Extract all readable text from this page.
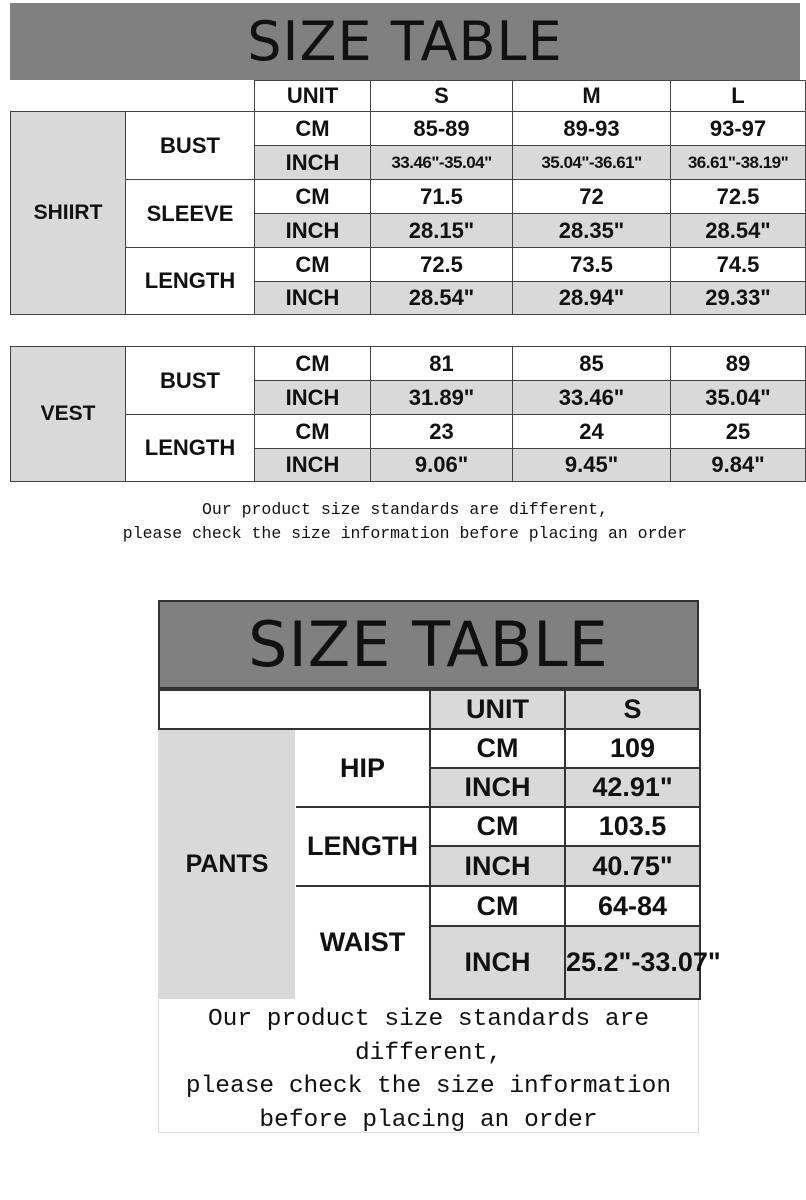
SIZE TABLE
		UNIT	S	M	L
SHIIRT	BUST	CM	85-89	89-93	93-97
		INCH	33.46"-35.04"	35.04"-36.61"	36.61"-38.19"
	SLEEVE	CM	71.5	72	72.5
		INCH	28.15"	28.35"	28.54"
	LENGTH	CM	72.5	73.5	74.5
		INCH	28.54"	28.94"	29.33"
VEST	BUST	CM	81	85	89
		INCH	31.89"	33.46"	35.04"
	LENGTH	CM	23	24	25
		INCH	9.06"	9.45"	9.84"
Our product size standards are different,
please check the size information before placing an order
SIZE TABLE
		UNIT	S
PANTS	HIP	CM	109
		INCH	42.91"
	LENGTH	CM	103.5
		INCH	40.75"
	WAIST	CM	64-84
		INCH	25.2"-33.07"
Our product size standards are
different,
please check the size information
before placing an order
